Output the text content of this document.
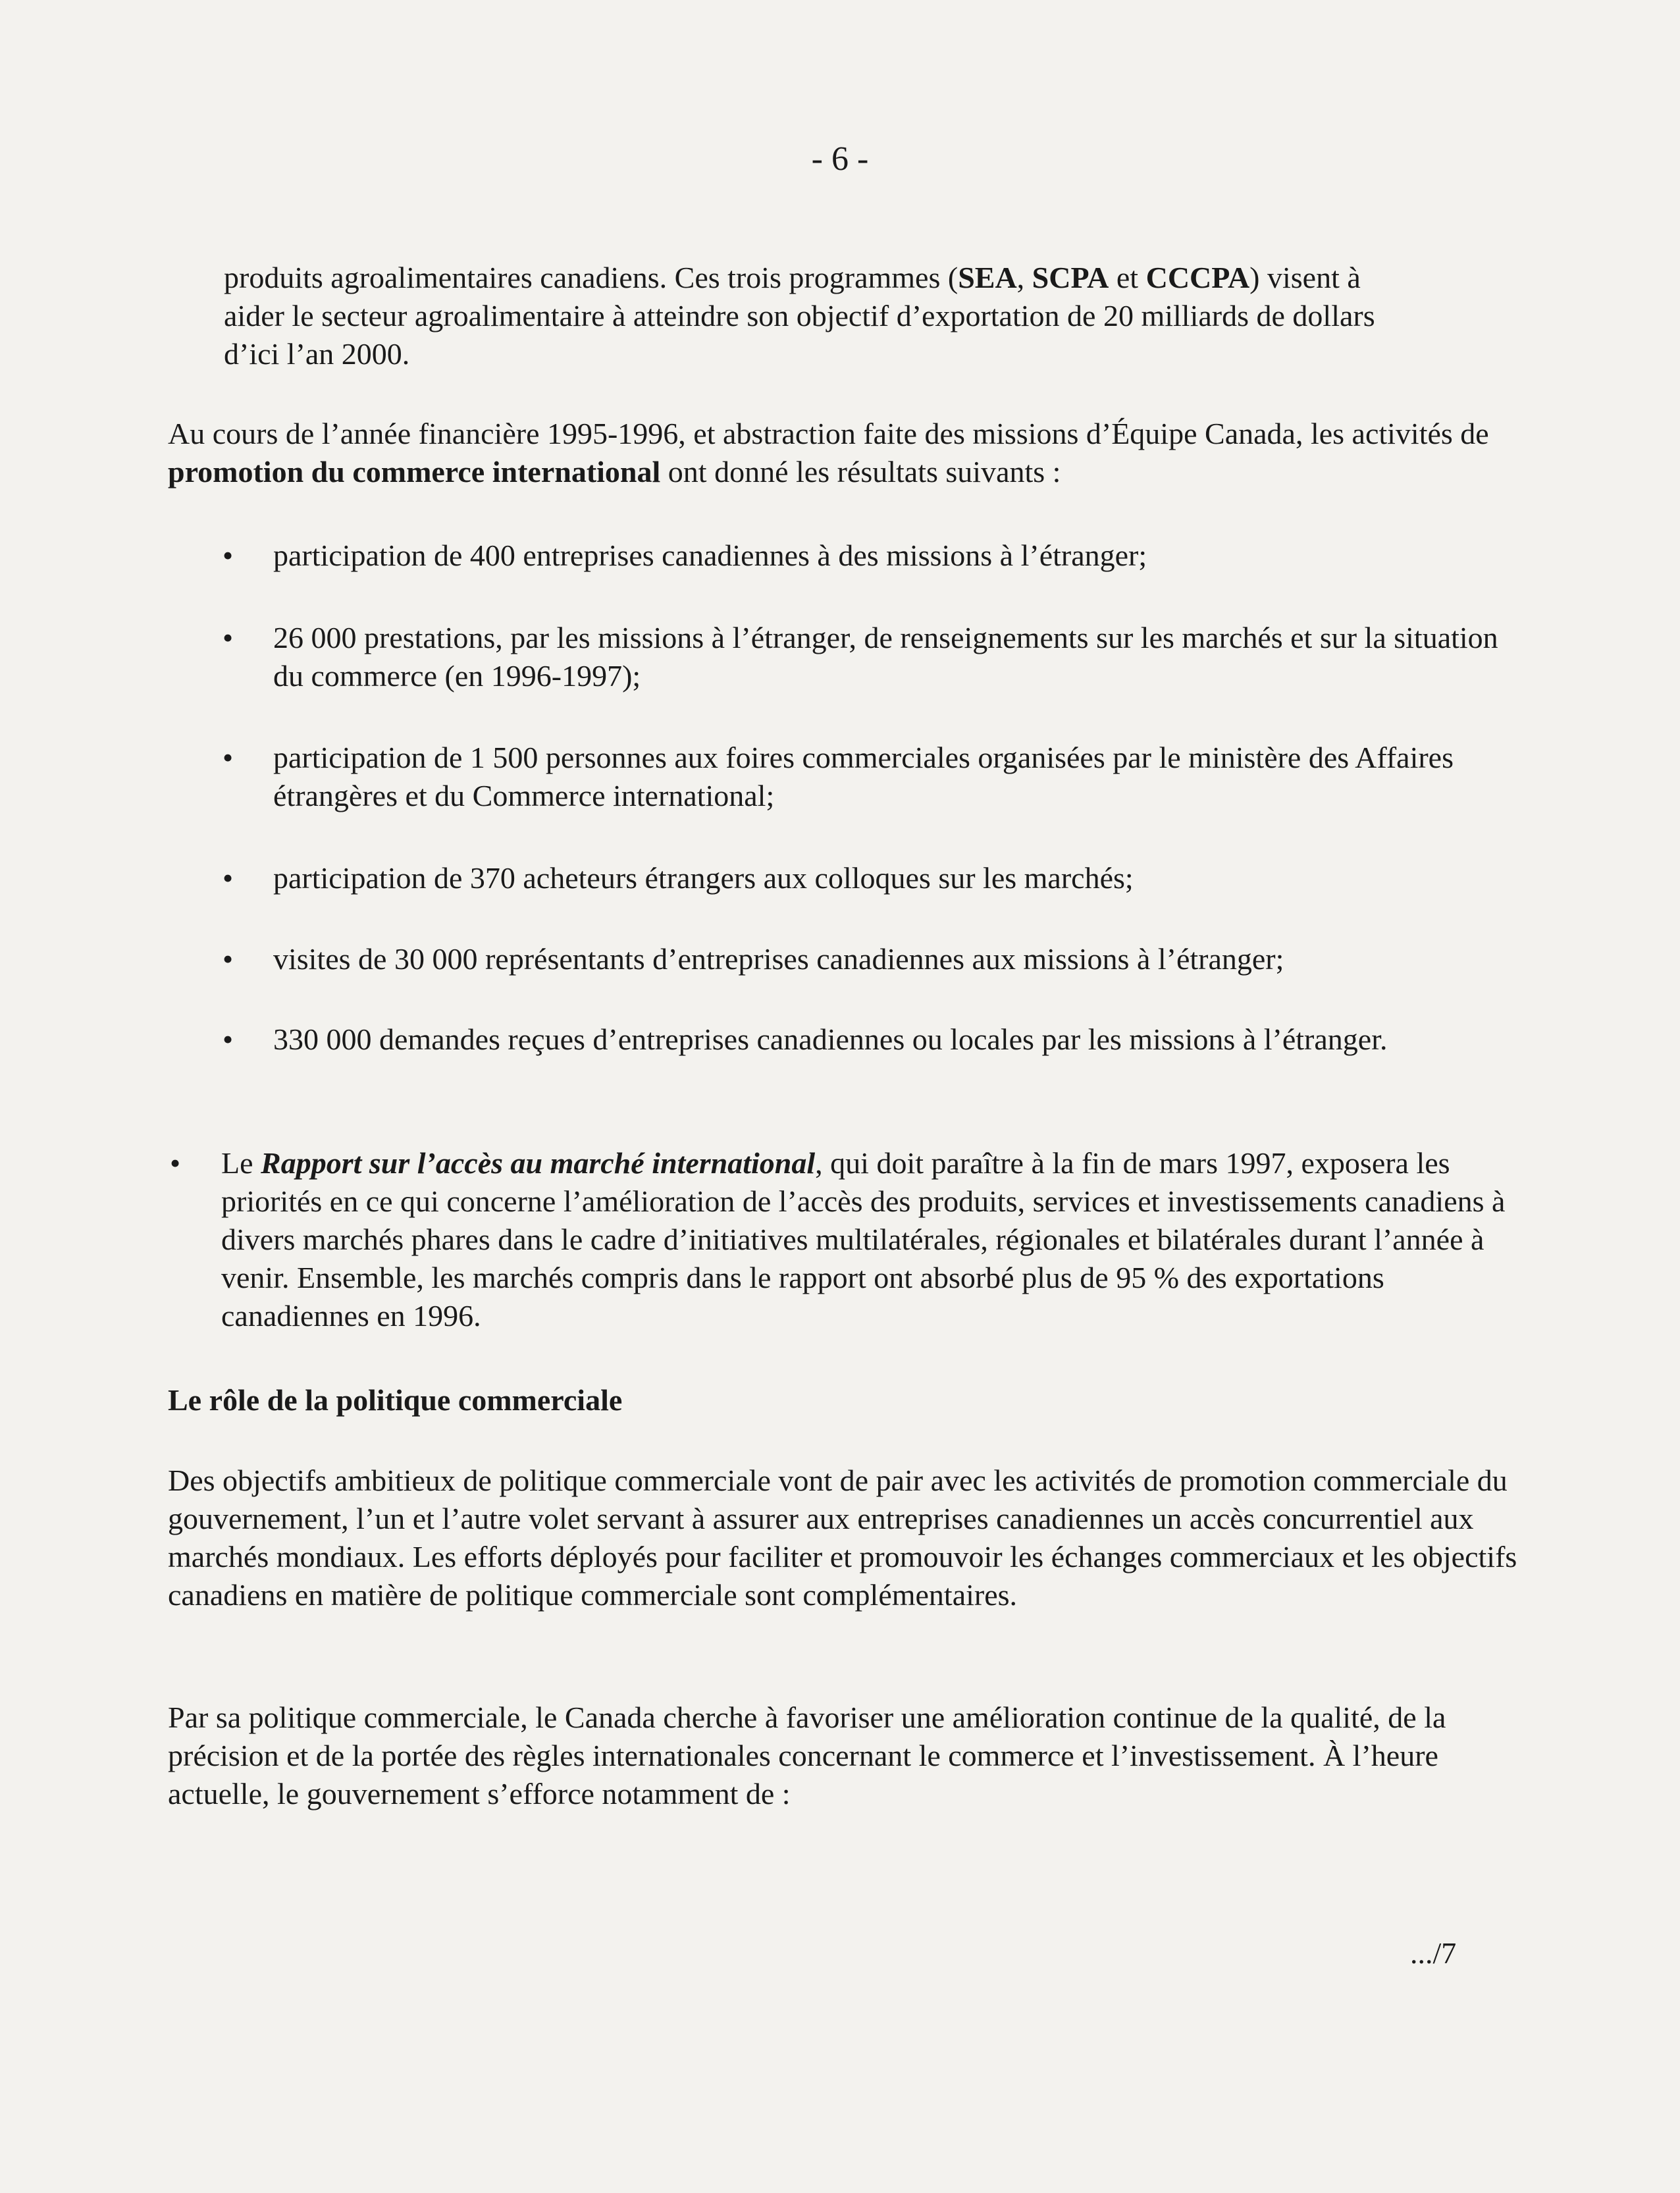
- 6 -

produits agroalimentaires canadiens. Ces trois programmes (SEA, SCPA et CCCPA) visent à aider le secteur agroalimentaire à atteindre son objectif d’exportation de 20 milliards de dollars d’ici l’an 2000.

Au cours de l’année financière 1995-1996, et abstraction faite des missions d’Équipe Canada, les activités de promotion du commerce international ont donné les résultats suivants :

• participation de 400 entreprises canadiennes à des missions à l’étranger;

• 26 000 prestations, par les missions à l’étranger, de renseignements sur les marchés et sur la situation du commerce (en 1996-1997);

• participation de 1 500 personnes aux foires commerciales organisées par le ministère des Affaires étrangères et du Commerce international;

• participation de 370 acheteurs étrangers aux colloques sur les marchés;

• visites de 30 000 représentants d’entreprises canadiennes aux missions à l’étranger;

• 330 000 demandes reçues d’entreprises canadiennes ou locales par les missions à l’étranger.

• Le Rapport sur l’accès au marché international, qui doit paraître à la fin de mars 1997, exposera les priorités en ce qui concerne l’amélioration de l’accès des produits, services et investissements canadiens à divers marchés phares dans le cadre d’initiatives multilatérales, régionales et bilatérales durant l’année à venir. Ensemble, les marchés compris dans le rapport ont absorbé plus de 95 % des exportations canadiennes en 1996.

Le rôle de la politique commerciale

Des objectifs ambitieux de politique commerciale vont de pair avec les activités de promotion commerciale du gouvernement, l’un et l’autre volet servant à assurer aux entreprises canadiennes un accès concurrentiel aux marchés mondiaux. Les efforts déployés pour faciliter et promouvoir les échanges commerciaux et les objectifs canadiens en matière de politique commerciale sont complémentaires.

Par sa politique commerciale, le Canada cherche à favoriser une amélioration continue de la qualité, de la précision et de la portée des règles internationales concernant le commerce et l’investissement. À l’heure actuelle, le gouvernement s’efforce notamment de :

.../7
